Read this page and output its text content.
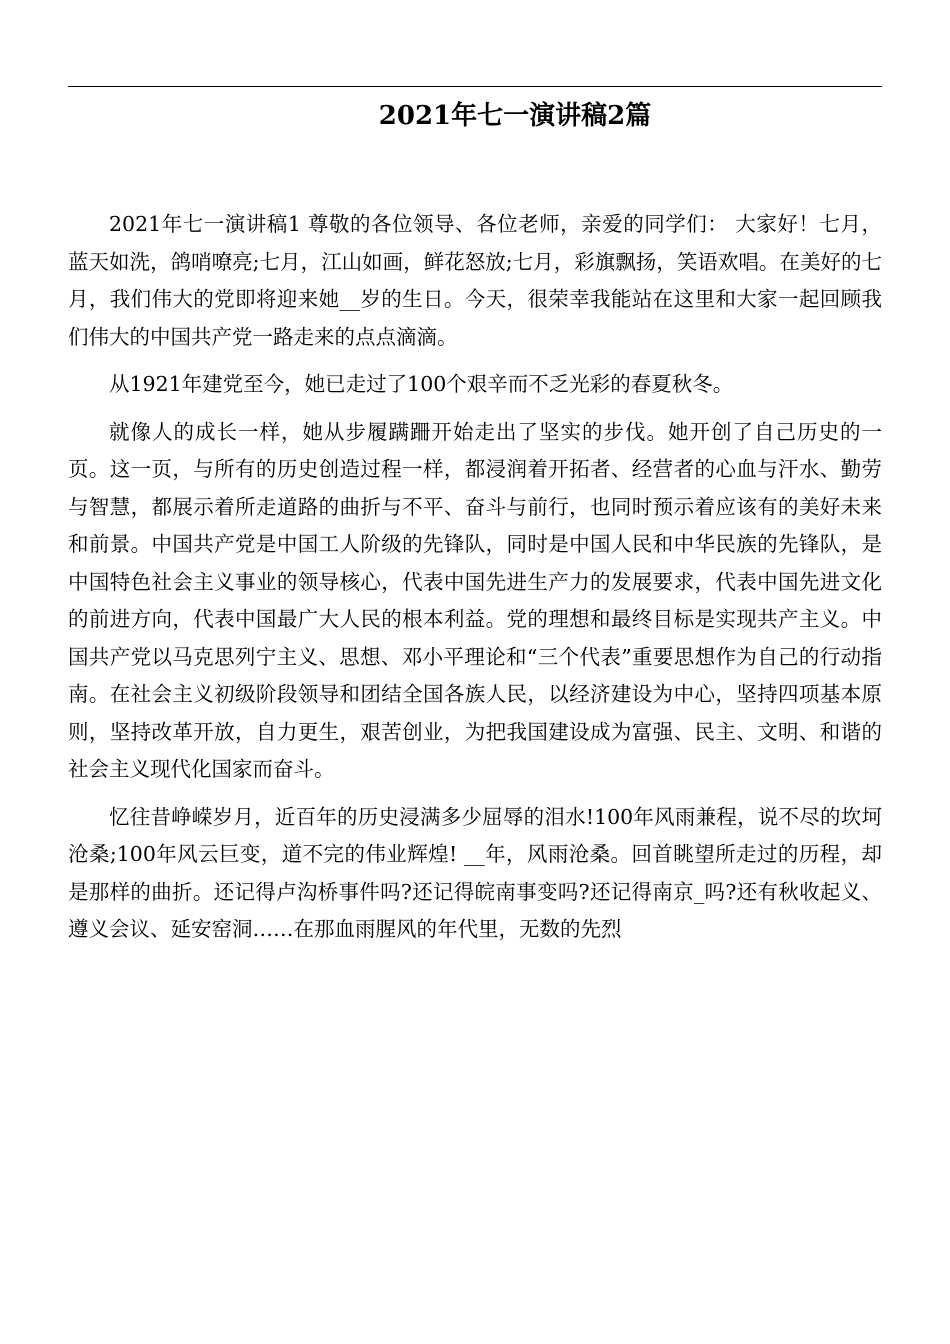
2021年七一演讲稿2篇

2021年七一演讲稿1 尊敬的各位领导、各位老师，亲爱的同学们： 大家好！七月，蓝天如洗，鸽哨嘹亮;七月，江山如画，鲜花怒放;七月，彩旗飘扬，笑语欢唱。在美好的七月，我们伟大的党即将迎来她__岁的生日。今天，很荣幸我能站在这里和大家一起回顾我们伟大的中国共产党一路走来的点点滴滴。

从1921年建党至今，她已走过了100个艰辛而不乏光彩的春夏秋冬。

就像人的成长一样，她从步履蹒跚开始走出了坚实的步伐。她开创了自己历史的一页。这一页，与所有的历史创造过程一样，都浸润着开拓者、经营者的心血与汗水、勤劳与智慧，都展示着所走道路的曲折与不平、奋斗与前行，也同时预示着应该有的美好未来和前景。中国共产党是中国工人阶级的先锋队，同时是中国人民和中华民族的先锋队，是中国特色社会主义事业的领导核心，代表中国先进生产力的发展要求，代表中国先进文化的前进方向，代表中国最广大人民的根本利益。党的理想和最终目标是实现共产主义。中国共产党以马克思列宁主义、思想、邓小平理论和“三个代表”重要思想作为自己的行动指南。在社会主义初级阶段领导和团结全国各族人民，以经济建设为中心，坚持四项基本原则，坚持改革开放，自力更生，艰苦创业，为把我国建设成为富强、民主、文明、和谐的社会主义现代化国家而奋斗。

忆往昔峥嵘岁月，近百年的历史浸满多少屈辱的泪水!100年风雨兼程，说不尽的坎坷沧桑;100年风云巨变，道不完的伟业辉煌! __年，风雨沧桑。回首眺望所走过的历程，却是那样的曲折。还记得卢沟桥事件吗?还记得皖南事变吗?还记得南京_吗?还有秋收起义、遵义会议、延安窑洞……在那血雨腥风的年代里，无数的先烈
